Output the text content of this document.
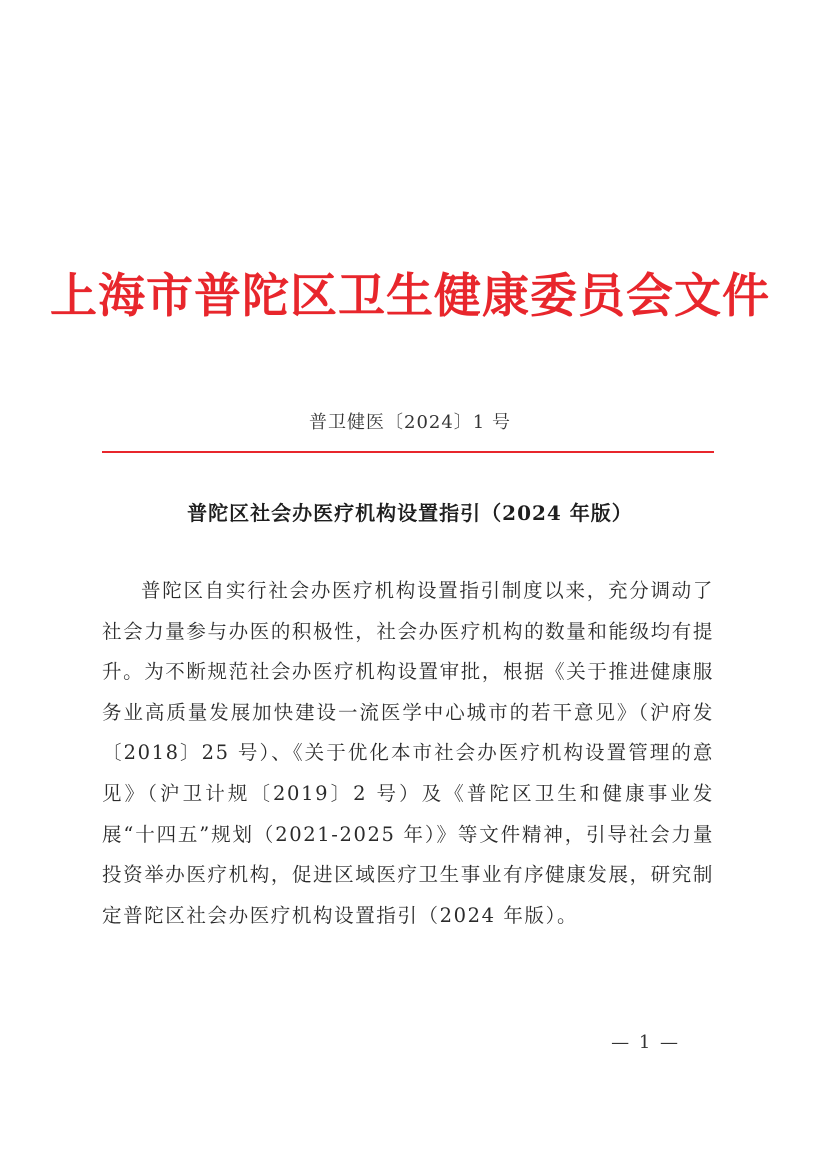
上海市普陀区卫生健康委员会文件
普卫健医〔2024〕1 号
普陀区社会办医疗机构设置指引（2024 年版）
普陀区自实行社会办医疗机构设置指引制度以来，充分调动了社会力量参与办医的积极性，社会办医疗机构的数量和能级均有提升。为不断规范社会办医疗机构设置审批，根据《关于推进健康服务业高质量发展加快建设一流医学中心城市的若干意见》（沪府发〔2018〕25 号）、《关于优化本市社会办医疗机构设置管理的意见》（沪卫计规〔2019〕2 号）及《普陀区卫生和健康事业发展“十四五”规划（2021-2025 年）》等文件精神，引导社会力量投资举办医疗机构，促进区域医疗卫生事业有序健康发展，研究制定普陀区社会办医疗机构设置指引（2024 年版）。
— 1 —
